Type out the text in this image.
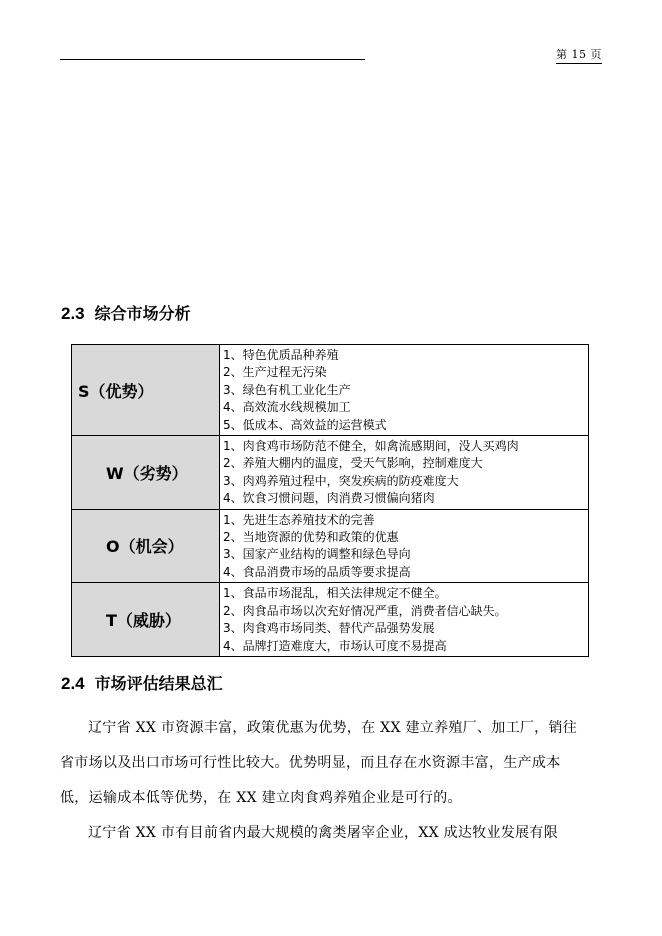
第 15 页
2.3 综合市场分析
S（优势）	1、特色优质品种养殖
2、生产过程无污染
3、绿色有机工业化生产
4、高效流水线规模加工
5、低成本、高效益的运营模式

W（劣势）	1、肉食鸡市场防范不健全，如禽流感期间，没人买鸡肉
2、养殖大棚内的温度，受天气影响，控制难度大
3、肉鸡养殖过程中，突发疾病的防疫难度大
4、饮食习惯问题，肉消费习惯偏向猪肉

O（机会）	1、先进生态养殖技术的完善
2、当地资源的优势和政策的优惠
3、国家产业结构的调整和绿色导向
4、食品消费市场的品质等要求提高

T（威胁）	1、食品市场混乱，相关法律规定不健全。
2、肉食品市场以次充好情况严重，消费者信心缺失。
3、肉食鸡市场同类、替代产品强势发展
4、品牌打造难度大，市场认可度不易提高
2.4 市场评估结果总汇
辽宁省 XX 市资源丰富，政策优惠为优势，在 XX 建立养殖厂、加工厂，销往省市场以及出口市场可行性比较大。优势明显，而且存在水资源丰富，生产成本低，运输成本低等优势，在 XX 建立肉食鸡养殖企业是可行的。
辽宁省 XX 市有目前省内最大规模的禽类屠宰企业，XX 成达牧业发展有限
